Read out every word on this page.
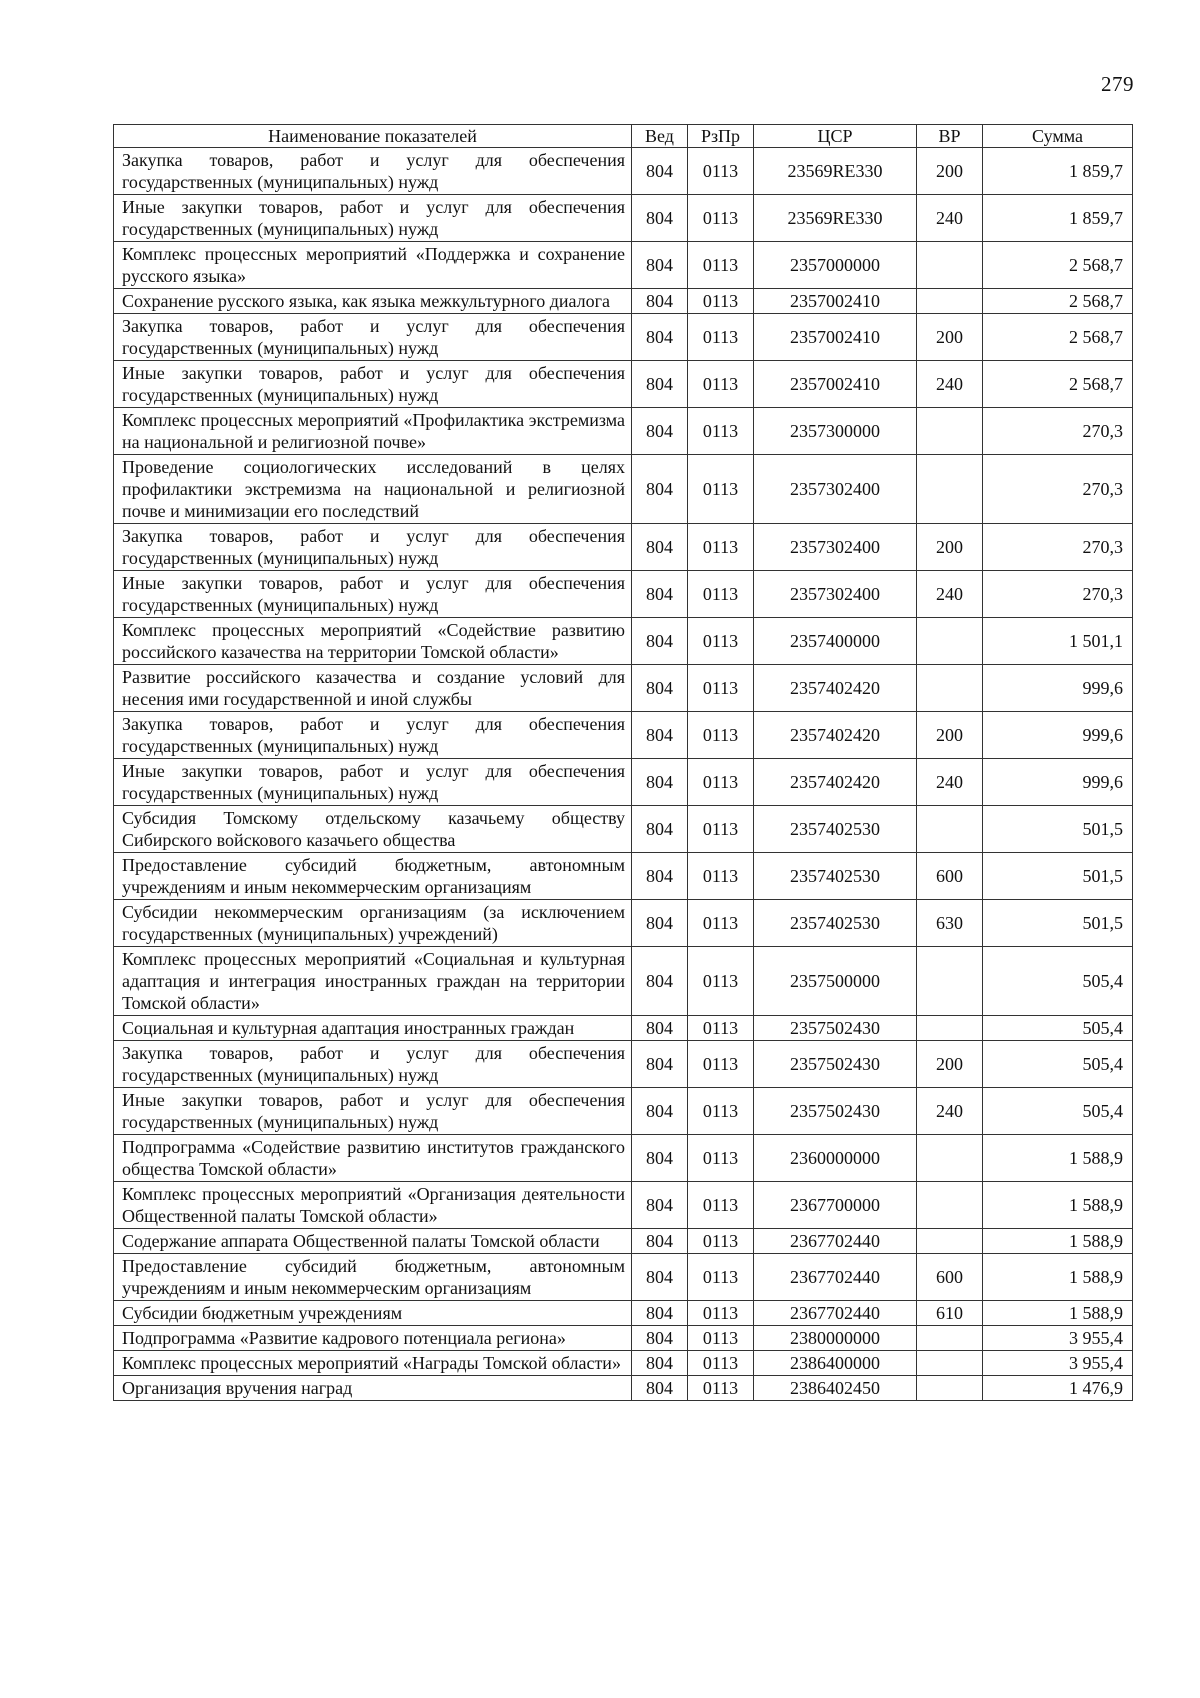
279
Наименование показателей	Вед	РзПр	ЦСР	ВР	Сумма
Закупка товаров, работ и услуг для обеспечения государственных (муниципальных) нужд	804	0113	23569RE330	200	1 859,7
Иные закупки товаров, работ и услуг для обеспечения государственных (муниципальных) нужд	804	0113	23569RE330	240	1 859,7
Комплекс процессных мероприятий «Поддержка и сохранение русского языка»	804	0113	2357000000		2 568,7
Сохранение русского языка, как языка межкультурного диалога	804	0113	2357002410		2 568,7
Закупка товаров, работ и услуг для обеспечения государственных (муниципальных) нужд	804	0113	2357002410	200	2 568,7
Иные закупки товаров, работ и услуг для обеспечения государственных (муниципальных) нужд	804	0113	2357002410	240	2 568,7
Комплекс процессных мероприятий «Профилактика экстремизма на национальной и религиозной почве»	804	0113	2357300000		270,3
Проведение социологических исследований в целях профилактики экстремизма на национальной и религиозной почве и минимизации его последствий	804	0113	2357302400		270,3
Закупка товаров, работ и услуг для обеспечения государственных (муниципальных) нужд	804	0113	2357302400	200	270,3
Иные закупки товаров, работ и услуг для обеспечения государственных (муниципальных) нужд	804	0113	2357302400	240	270,3
Комплекс процессных мероприятий «Содействие развитию российского казачества на территории Томской области»	804	0113	2357400000		1 501,1
Развитие российского казачества и создание условий для несения ими государственной и иной службы	804	0113	2357402420		999,6
Закупка товаров, работ и услуг для обеспечения государственных (муниципальных) нужд	804	0113	2357402420	200	999,6
Иные закупки товаров, работ и услуг для обеспечения государственных (муниципальных) нужд	804	0113	2357402420	240	999,6
Субсидия Томскому отдельскому казачьему обществу Сибирского войскового казачьего общества	804	0113	2357402530		501,5
Предоставление субсидий бюджетным, автономным учреждениям и иным некоммерческим организациям	804	0113	2357402530	600	501,5
Субсидии некоммерческим организациям (за исключением государственных (муниципальных) учреждений)	804	0113	2357402530	630	501,5
Комплекс процессных мероприятий «Социальная и культурная адаптация и интеграция иностранных граждан на территории Томской области»	804	0113	2357500000		505,4
Социальная и культурная адаптация иностранных граждан	804	0113	2357502430		505,4
Закупка товаров, работ и услуг для обеспечения государственных (муниципальных) нужд	804	0113	2357502430	200	505,4
Иные закупки товаров, работ и услуг для обеспечения государственных (муниципальных) нужд	804	0113	2357502430	240	505,4
Подпрограмма «Содействие развитию институтов гражданского общества Томской области»	804	0113	2360000000		1 588,9
Комплекс процессных мероприятий «Организация деятельности Общественной палаты Томской области»	804	0113	2367700000		1 588,9
Содержание аппарата Общественной палаты Томской области	804	0113	2367702440		1 588,9
Предоставление субсидий бюджетным, автономным учреждениям и иным некоммерческим организациям	804	0113	2367702440	600	1 588,9
Субсидии бюджетным учреждениям	804	0113	2367702440	610	1 588,9
Подпрограмма «Развитие кадрового потенциала региона»	804	0113	2380000000		3 955,4
Комплекс процессных мероприятий «Награды Томской области»	804	0113	2386400000		3 955,4
Организация вручения наград	804	0113	2386402450		1 476,9
